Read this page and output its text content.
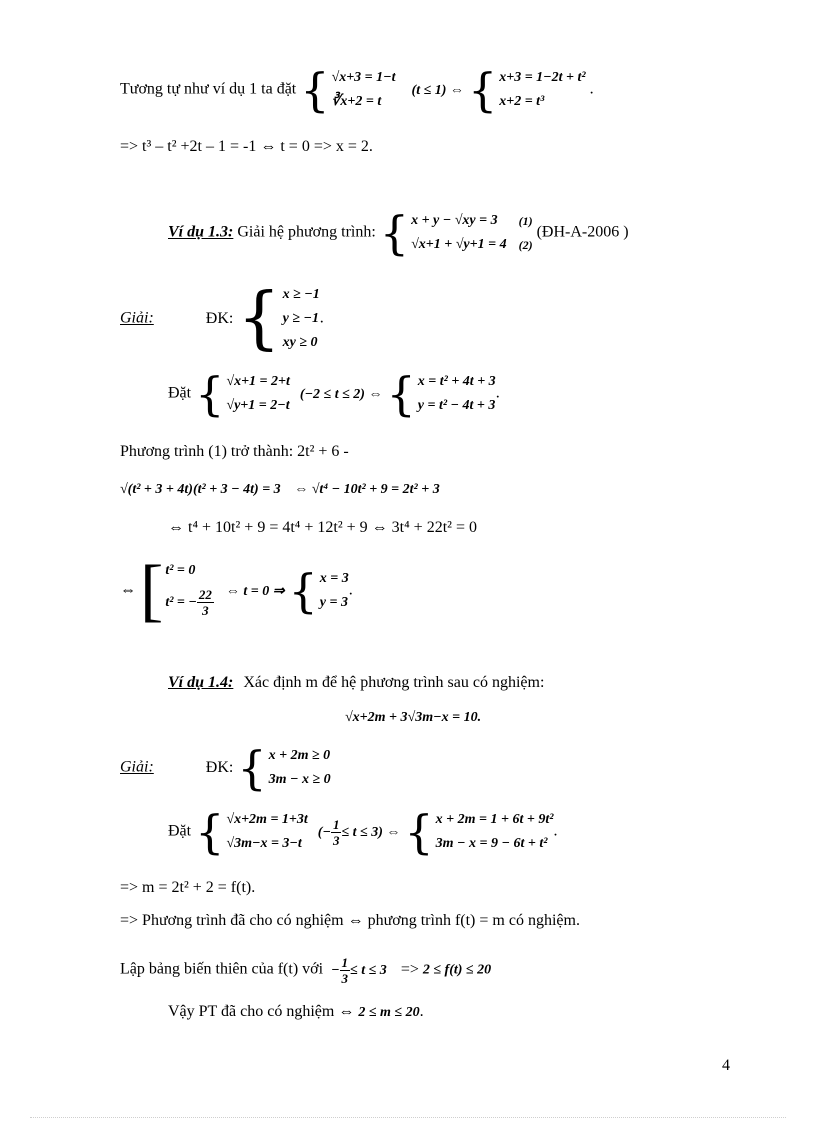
Tương tự như ví dụ 1 ta đặt { √x+3 = 1−t
∛x+2 = t
(t ≤ 1) ⇔ { x+3 = 1−2t + t²
x+2 = t³
.
=> t³ – t² +2t – 1 = -1 ⇔ t = 0 => x = 2.
Ví dụ 1.3: Giải hệ phương trình: { x + y − √xy = 3
√x+1 + √y+1 = 4
(1)
(2)
(ĐH-A-2006 )
Giải:	ĐK: { x ≥ −1
y ≥ −1
xy ≥ 0
.
Đặt { √x+1 = 2+t
√y+1 = 2−t
(−2 ≤ t ≤ 2) ⇔ { x = t² + 4t + 3
y = t² − 4t + 3
.
Phương trình (1) trở thành: 2t² + 6 -
√(t² + 3 + 4t)(t² + 3 − 4t) = 3 ⇔ √t⁴ − 10t² + 9 = 2t² + 3
⇔ t⁴ + 10t² + 9 = 4t⁴ + 12t² + 9 ⇔ 3t⁴ + 22t² = 0
⇔ [ t² = 0
t² = − $\frac{22}{3}$ ⇔ t = 0 ⇒ { x = 3
y = 3
.
Ví dụ 1.4: Xác định m để hệ phương trình sau có nghiệm:
√x+2m + 3√3m−x = 10.
Giải:	ĐK: { x + 2m ≥ 0
3m − x ≥ 0
Đặt { √x+2m = 1+3t
√3m−x = 3−t
(− $\frac{1}{3} \le t \le 3$) ⇔ { x + 2m = 1 + 6t + 9t²
3m − x = 9 − 6t + t²
.
=> m = 2t² + 2 = f(t).
=> Phương trình đã cho có nghiệm ⇔ phương trình f(t) = m có nghiệm.
Lập bảng biến thiên của f(t) với − $\frac{1}{3} \le t \le 3 => 2 \le f(t) \le 20$
Vậy PT đã cho có nghiệm ⇔ 2 ≤ m ≤ 20.
4
